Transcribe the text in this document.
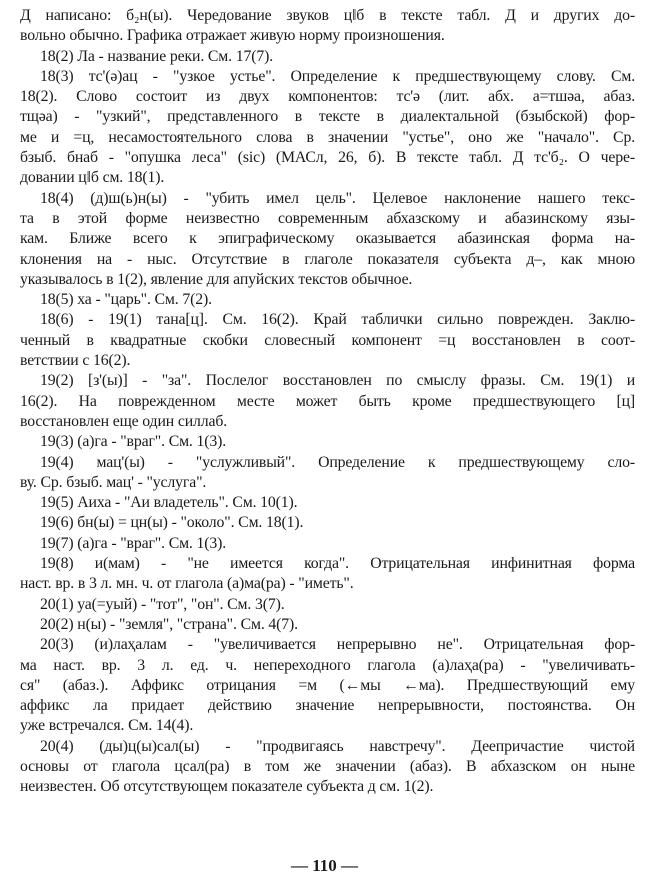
Д написано: б₂н(ы). Чередование звуков ц‖б в тексте табл. Д и других до-
вольно обычно. Графика отражает живую норму произношения.
18(2) Ла - название реки. См. 17(7).
18(3) тс'(ә)ац - "узкое устье". Определение к предшествующему слову. См.
18(2). Слово состоит из двух компонентов: тс'ә (лит. абх. а=тшәа, абаз.
тщәа) - "узкий", представленного в тексте в диалектальной (бзыбской) фор-
ме и =ц, несамостоятельного слова в значении "устье", оно же "начало". Ср.
бзыб. бнаб - "опушка леса" (sic) (МАСл, 26, б). В тексте табл. Д тс'б₂. О чере-
довании ц‖б см. 18(1).
18(4) (д)ш(ь)н(ы) - "убить имел цель". Целевое наклонение нашего текс-
та в этой форме неизвестно современным абхазскому и абазинскому язы-
кам. Ближе всего к эпиграфическому оказывается абазинская форма на-
клонения на - ныс. Отсутствие в глаголе показателя субъекта д–, как мною
указывалось в 1(2), явление для апуйских текстов обычное.
18(5) ха - "царь". См. 7(2).
18(6) - 19(1) тана[ц]. См. 16(2). Край таблички сильно поврежден. Заклю-
ченный в квадратные скобки словесный компонент =ц восстановлен в соот-
ветствии с 16(2).
19(2) [з'(ы)] - "за". Послелог восстановлен по смыслу фразы. См. 19(1) и
16(2). На поврежденном месте может быть кроме предшествующего [ц]
восстановлен еще один силлаб.
19(3) (а)га - "враг". См. 1(3).
19(4) мац'(ы) - "услужливый". Определение к предшествующему сло-
ву. Ср. бзыб. мац' - "услуга".
19(5) Аиха - "Аи владетель". См. 10(1).
19(6) бн(ы) = цн(ы) - "около". См. 18(1).
19(7) (а)га - "враг". См. 1(3).
19(8) и(мам) - "не имеется когда". Отрицательная инфинитная форма
наст. вр. в 3 л. мн. ч. от глагола (а)ма(ра) - "иметь".
20(1) уа(=уый) - "тот", "он". См. 3(7).
20(2) н(ы) - "земля", "страна". См. 4(7).
20(3) (и)лаҳалам - "увеличивается непрерывно не". Отрицательная фор-
ма наст. вр. 3 л. ед. ч. непереходного глагола (а)лаҳа(ра) - "увеличивать-
ся" (абаз.). Аффикс отрицания =м (←мы ←ма). Предшествующий ему
аффикс ла придает действию значение непрерывности, постоянства. Он
уже встречался. См. 14(4).
20(4) (ды)ц(ы)сал(ы) - "продвигаясь навстречу". Деепричастие чистой
основы от глагола цсал(ра) в том же значении (абаз). В абхазском он ныне
неизвестен. Об отсутствующем показателе субъекта д см. 1(2).
— 110 —
